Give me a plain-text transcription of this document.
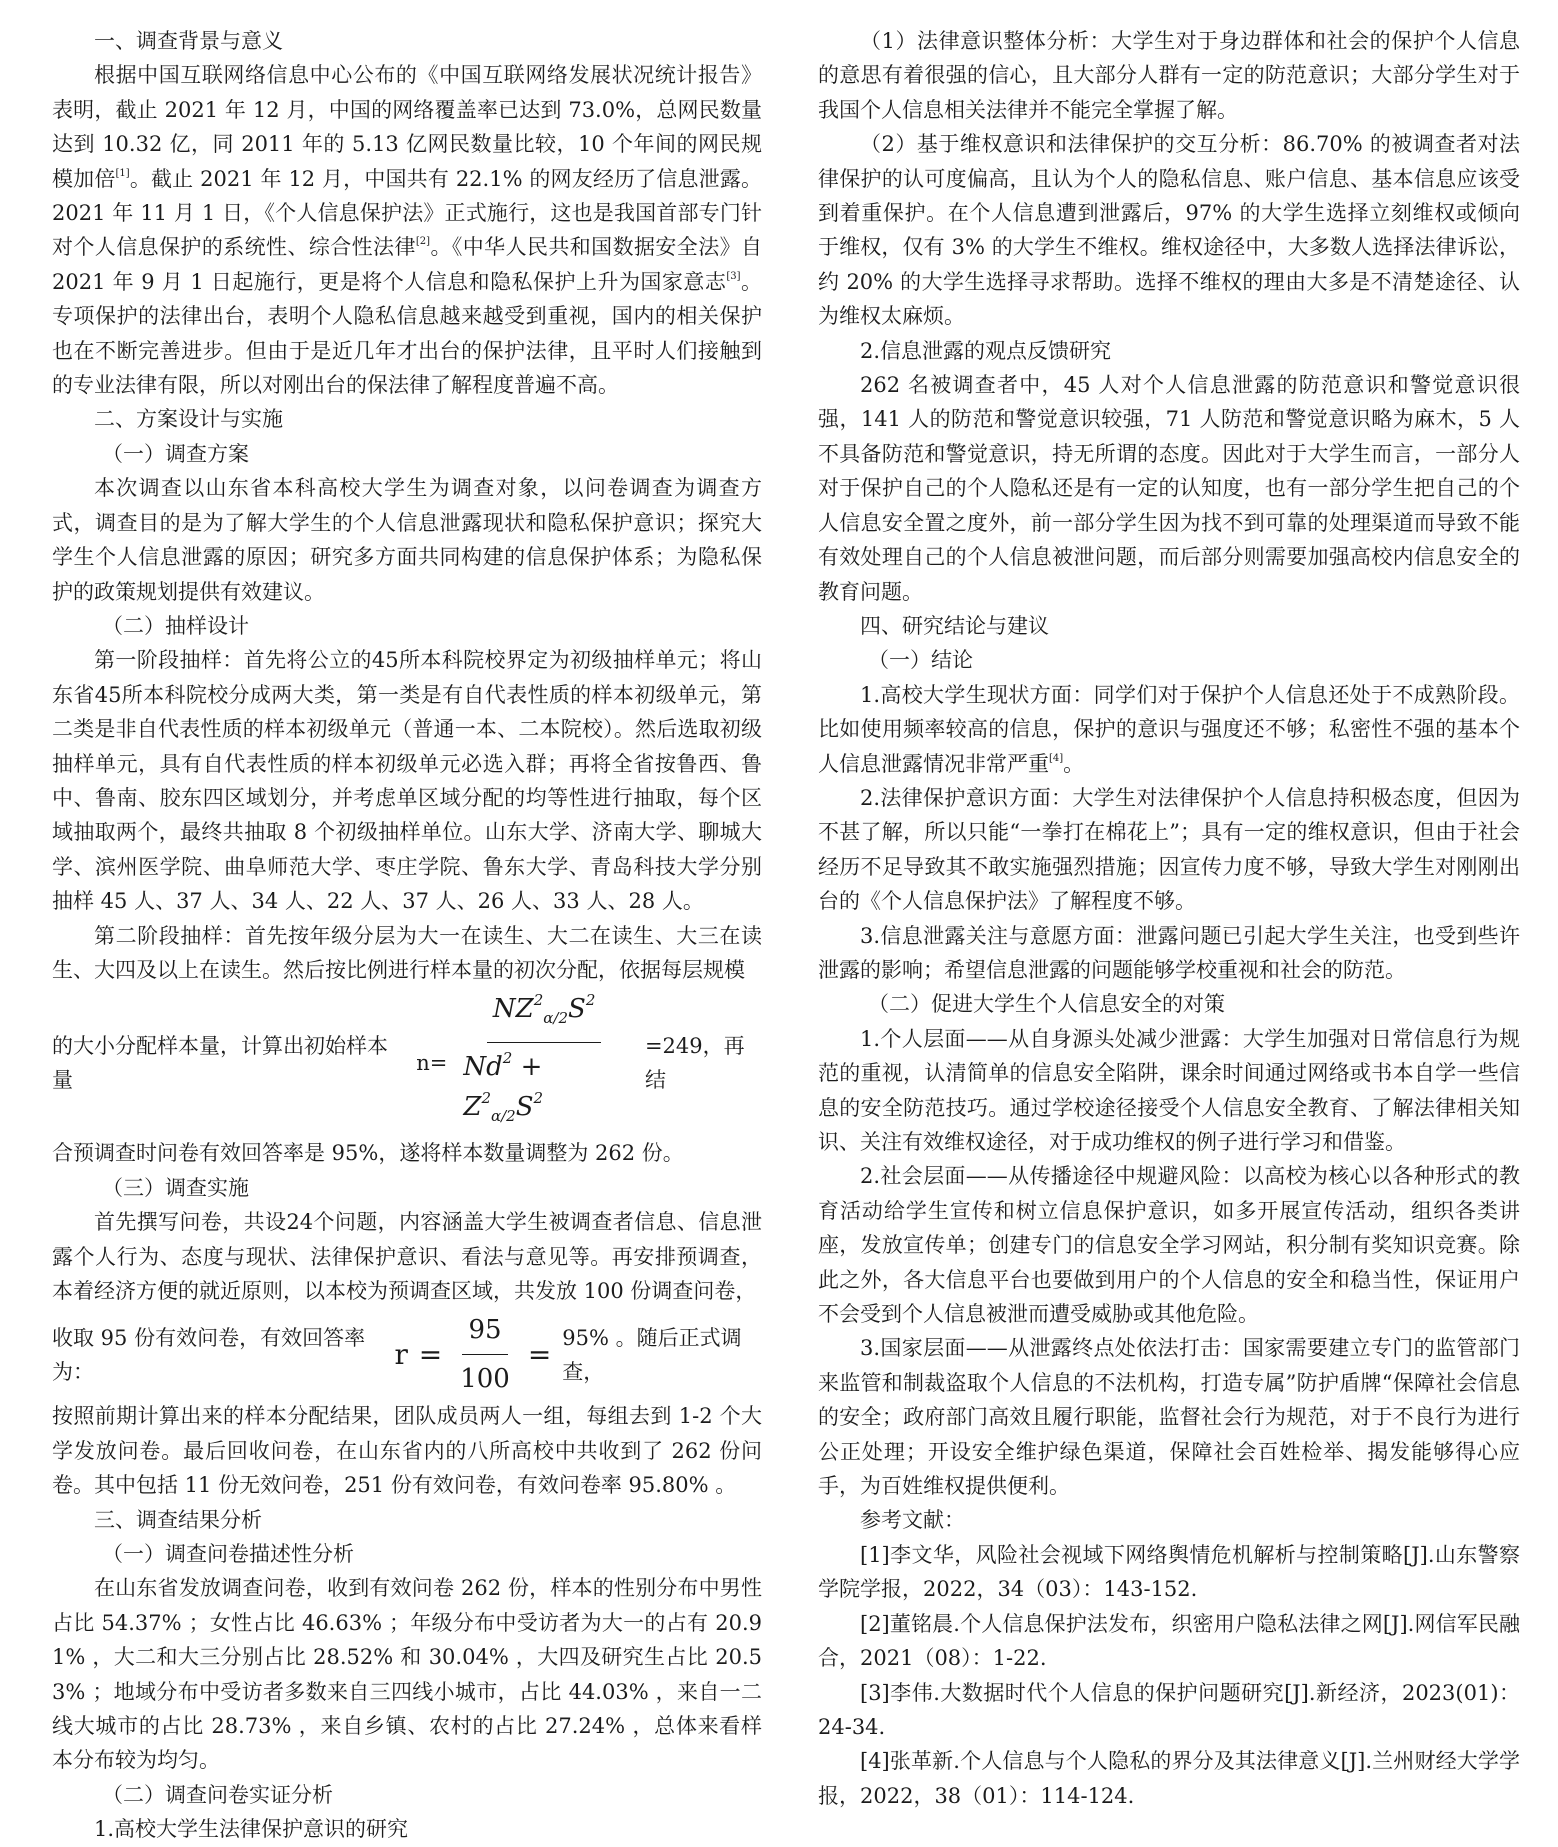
一、调查背景与意义

根据中国互联网络信息中心公布的《中国互联网络发展状况统计报告》表明，截止 2021 年 12 月，中国的网络覆盖率已达到 73.0%，总网民数量达到 10.32 亿，同 2011 年的 5.13 亿网民数量比较，10 个年间的网民规模加倍[1]。截止 2021 年 12 月，中国共有 22.1% 的网友经历了信息泄露。2021 年 11 月 1 日，《个人信息保护法》正式施行，这也是我国首部专门针对个人信息保护的系统性、综合性法律[2]。《中华人民共和国数据安全法》自 2021 年 9 月 1 日起施行，更是将个人信息和隐私保护上升为国家意志[3]。专项保护的法律出台，表明个人隐私信息越来越受到重视，国内的相关保护也在不断完善进步。但由于是近几年才出台的保护法律，且平时人们接触到的专业法律有限，所以对刚出台的保法律了解程度普遍不高。

二、方案设计与实施

（一）调查方案

本次调查以山东省本科高校大学生为调查对象，以问卷调查为调查方式，调查目的是为了解大学生的个人信息泄露现状和隐私保护意识；探究大学生个人信息泄露的原因；研究多方面共同构建的信息保护体系；为隐私保护的政策规划提供有效建议。

（二）抽样设计

第一阶段抽样：首先将公立的45所本科院校界定为初级抽样单元；将山东省45所本科院校分成两大类，第一类是有自代表性质的样本初级单元，第二类是非自代表性质的样本初级单元（普通一本、二本院校）。然后选取初级抽样单元，具有自代表性质的样本初级单元必选入群；再将全省按鲁西、鲁中、鲁南、胶东四区域划分，并考虑单区域分配的均等性进行抽取，每个区域抽取两个，最终共抽取 8 个初级抽样单位。山东大学、济南大学、聊城大学、滨州医学院、曲阜师范大学、枣庄学院、鲁东大学、青岛科技大学分别抽样 45 人、37 人、34 人、22 人、37 人、26 人、33 人、28 人。

第二阶段抽样：首先按年级分层为大一在读生、大二在读生、大三在读生、大四及以上在读生。然后按比例进行样本量的初次分配，依据每层规模

的大小分配样本量，计算出初始样本量
$n= \frac{NZ^2_{\alpha/2}S^2}{Nd^2 + Z^2_{\alpha/2}S^2} =249$，再结

合预调查时问卷有效回答率是 95%，遂将样本数量调整为 262 份。

（三）调查实施

首先撰写问卷，共设24个问题，内容涵盖大学生被调查者信息、信息泄露个人行为、态度与现状、法律保护意识、看法与意见等。再安排预调查，本着经济方便的就近原则，以本校为预调查区域，共发放 100 份调查问卷，

收取 95 份有效问卷，有效回答率为：
$r = \frac{95}{100} = 95\%$ 。随后正式调查，

按照前期计算出来的样本分配结果，团队成员两人一组，每组去到 1-2 个大学发放问卷。最后回收问卷，在山东省内的八所高校中共收到了 262 份问卷。其中包括 11 份无效问卷，251 份有效问卷，有效问卷率 95.80% 。

三、调查结果分析

（一）调查问卷描述性分析

在山东省发放调查问卷，收到有效问卷 262 份，样本的性别分布中男性占比 54.37% ；女性占比 46.63% ；年级分布中受访者为大一的占有 20.91% ，大二和大三分别占比 28.52% 和 30.04% ，大四及研究生占比 20.53% ；地域分布中受访者多数来自三四线小城市，占比 44.03% ，来自一二线大城市的占比 28.73% ，来自乡镇、农村的占比 27.24% ，总体来看样本分布较为均匀。

（二）调查问卷实证分析

1.高校大学生法律保护意识的研究

（1）法律意识整体分析：大学生对于身边群体和社会的保护个人信息的意思有着很强的信心，且大部分人群有一定的防范意识；大部分学生对于我国个人信息相关法律并不能完全掌握了解。

（2）基于维权意识和法律保护的交互分析：86.70% 的被调查者对法律保护的认可度偏高，且认为个人的隐私信息、账户信息、基本信息应该受到着重保护。在个人信息遭到泄露后，97% 的大学生选择立刻维权或倾向于维权，仅有 3% 的大学生不维权。维权途径中，大多数人选择法律诉讼，约 20% 的大学生选择寻求帮助。选择不维权的理由大多是不清楚途径、认为维权太麻烦。

2.信息泄露的观点反馈研究

262 名被调查者中，45 人对个人信息泄露的防范意识和警觉意识很强，141 人的防范和警觉意识较强，71 人防范和警觉意识略为麻木，5 人不具备防范和警觉意识，持无所谓的态度。因此对于大学生而言，一部分人对于保护自己的个人隐私还是有一定的认知度，也有一部分学生把自己的个人信息安全置之度外，前一部分学生因为找不到可靠的处理渠道而导致不能有效处理自己的个人信息被泄问题，而后部分则需要加强高校内信息安全的教育问题。

四、研究结论与建议

（一）结论

1.高校大学生现状方面：同学们对于保护个人信息还处于不成熟阶段。比如使用频率较高的信息，保护的意识与强度还不够；私密性不强的基本个人信息泄露情况非常严重[4]。

2.法律保护意识方面：大学生对法律保护个人信息持积极态度，但因为不甚了解，所以只能“一拳打在棉花上”；具有一定的维权意识，但由于社会经历不足导致其不敢实施强烈措施；因宣传力度不够，导致大学生对刚刚出台的《个人信息保护法》了解程度不够。

3.信息泄露关注与意愿方面：泄露问题已引起大学生关注，也受到些许泄露的影响；希望信息泄露的问题能够学校重视和社会的防范。

（二）促进大学生个人信息安全的对策

1.个人层面——从自身源头处减少泄露：大学生加强对日常信息行为规范的重视，认清简单的信息安全陷阱，课余时间通过网络或书本自学一些信息的安全防范技巧。通过学校途径接受个人信息安全教育、了解法律相关知识、关注有效维权途径，对于成功维权的例子进行学习和借鉴。

2.社会层面——从传播途径中规避风险：以高校为核心以各种形式的教育活动给学生宣传和树立信息保护意识，如多开展宣传活动，组织各类讲座，发放宣传单；创建专门的信息安全学习网站，积分制有奖知识竞赛。除此之外，各大信息平台也要做到用户的个人信息的安全和稳当性，保证用户不会受到个人信息被泄而遭受威胁或其他危险。

3.国家层面——从泄露终点处依法打击：国家需要建立专门的监管部门来监管和制裁盗取个人信息的不法机构，打造专属”防护盾牌“保障社会信息的安全；政府部门高效且履行职能，监督社会行为规范，对于不良行为进行公正处理；开设安全维护绿色渠道，保障社会百姓检举、揭发能够得心应手，为百姓维权提供便利。

参考文献：

[1]李文华，风险社会视域下网络舆情危机解析与控制策略[J].山东警察学院学报，2022，34（03）：143-152.

[2]董铭晨.个人信息保护法发布，织密用户隐私法律之网[J].网信军民融合，2021（08）：1-22.

[3]李伟.大数据时代个人信息的保护问题研究[J].新经济，2023(01)：24-34.

[4]张革新.个人信息与个人隐私的界分及其法律意义[J].兰州财经大学学报，2022，38（01）：114-124.
